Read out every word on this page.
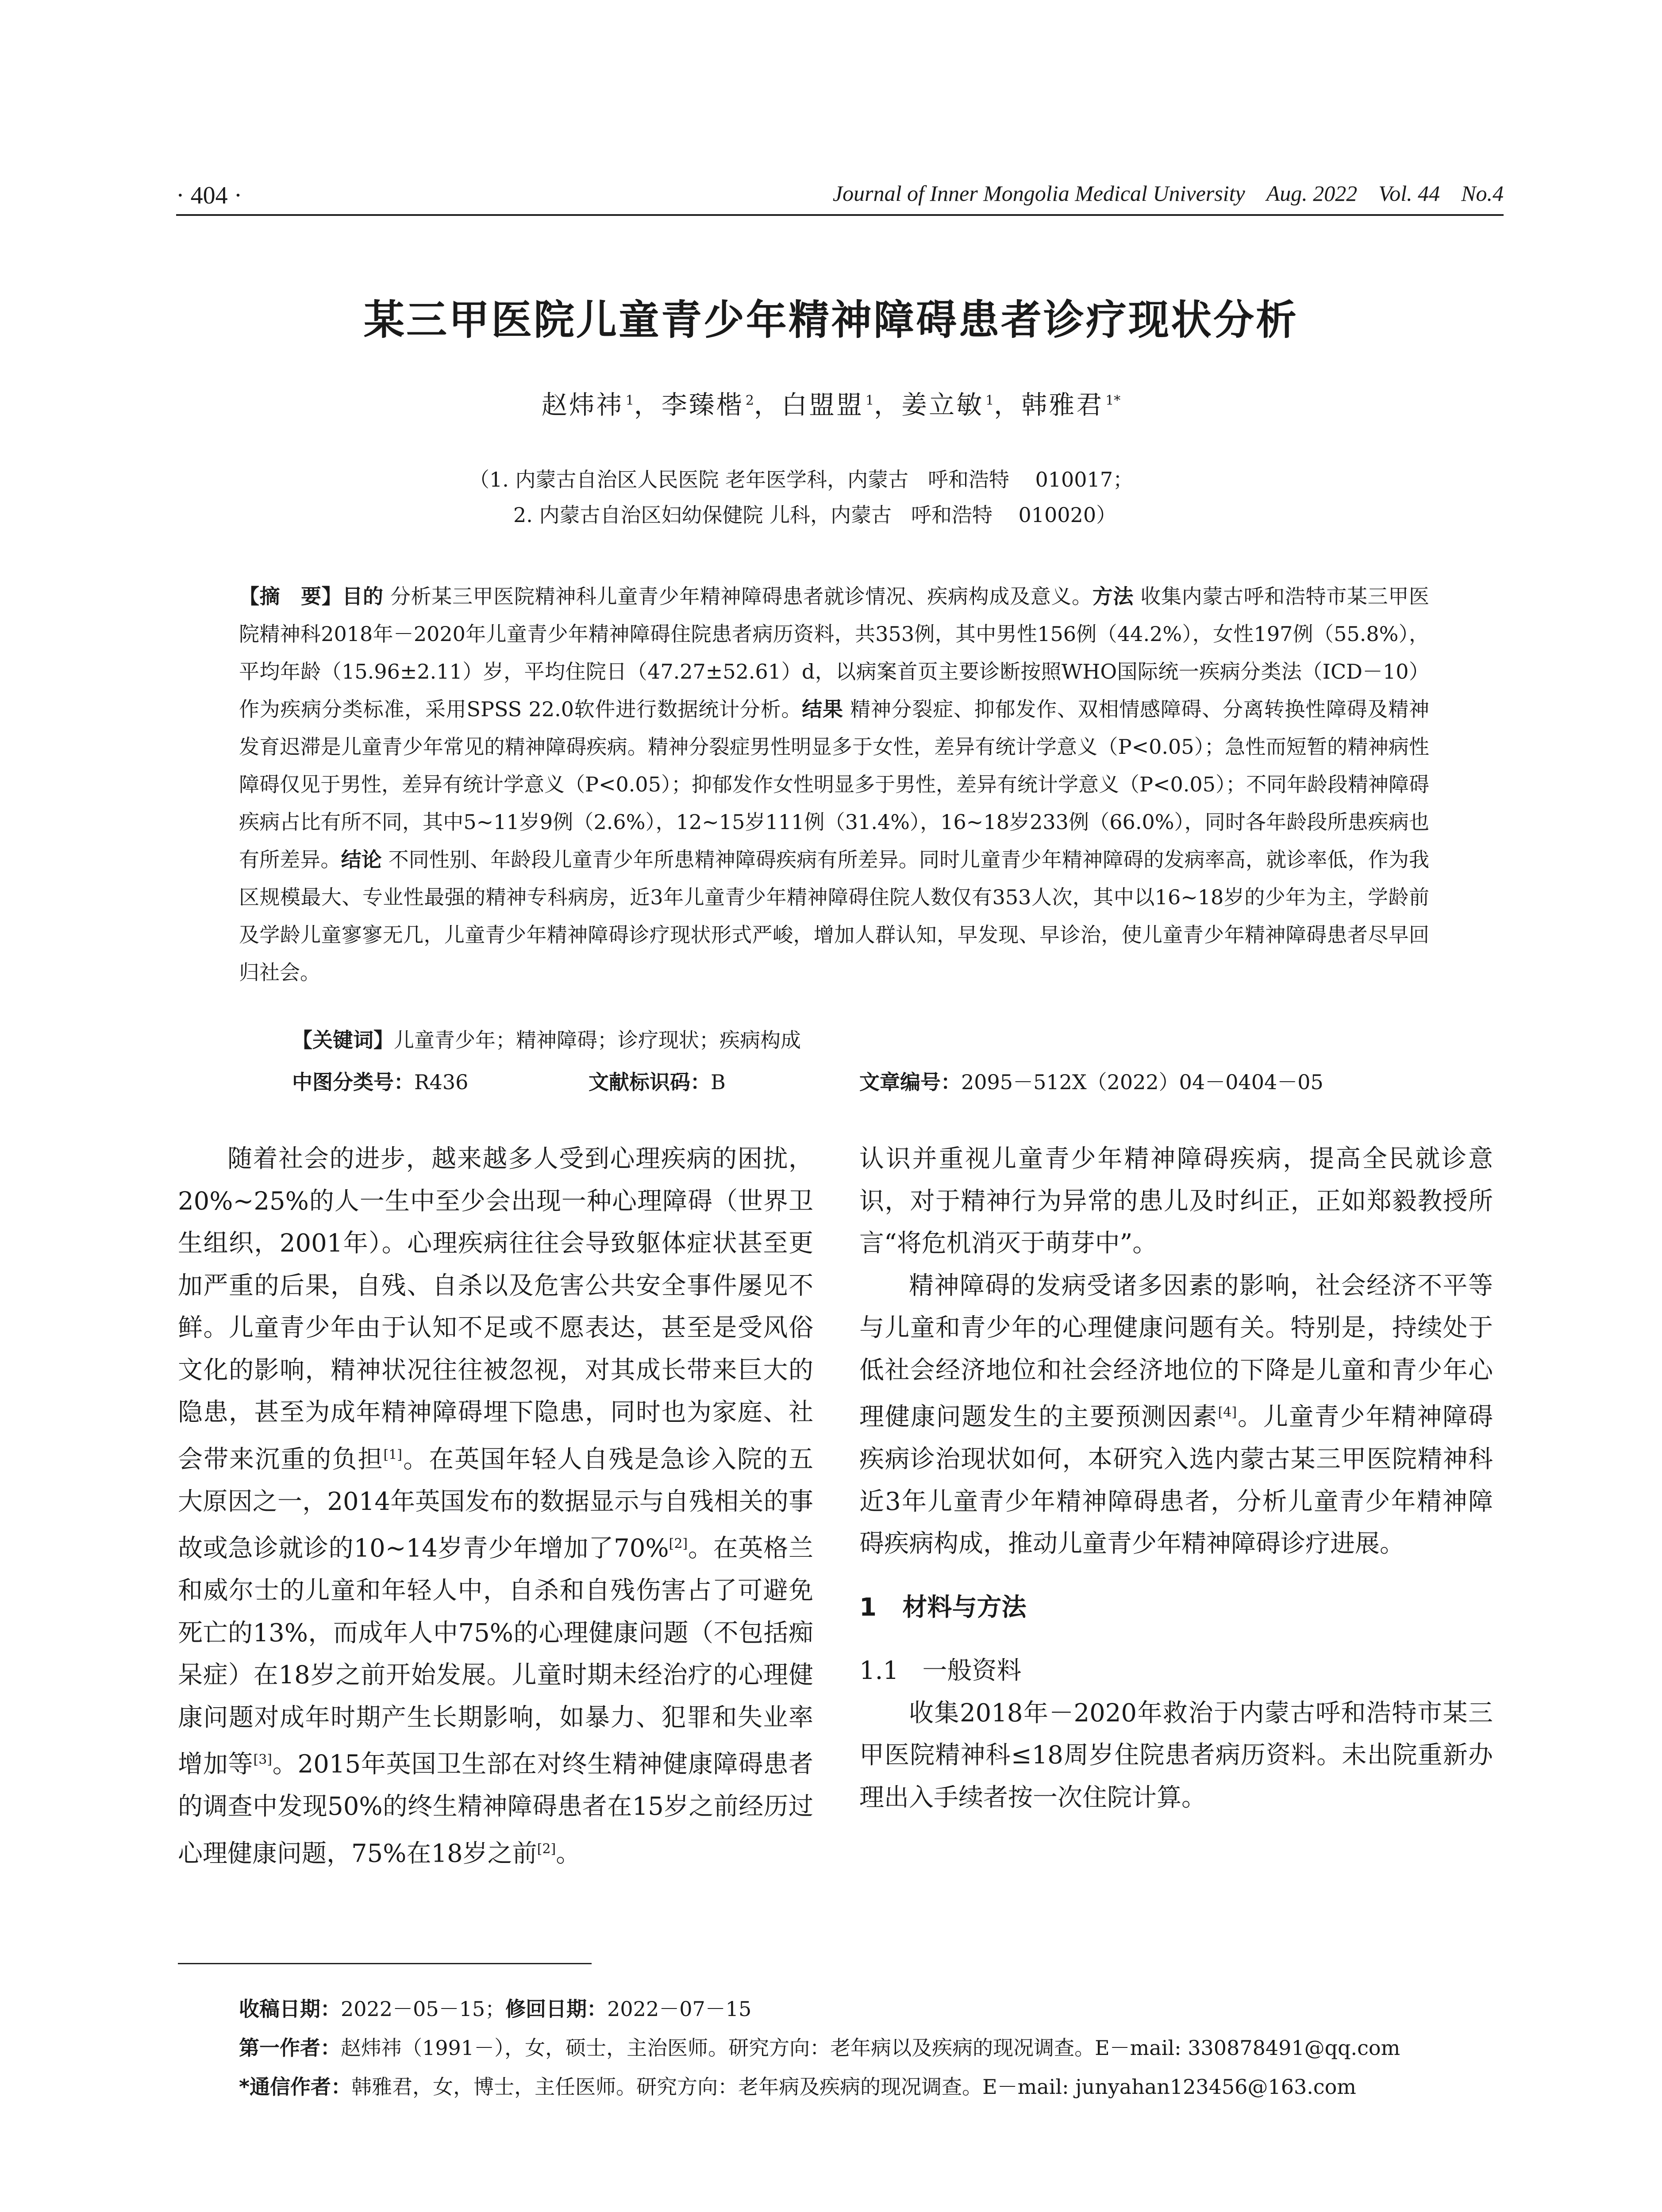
· 404 ·	Journal of Inner Mongolia Medical University Aug. 2022 Vol. 44 No.4
某三甲医院儿童青少年精神障碍患者诊疗现状分析
赵炜祎 $^1$，李臻楷 $^2$，白盟盟 $^1$，姜立敏 $^1$，韩雅君 $^{1*}$
（1. 内蒙古自治区人民医院 老年医学科，内蒙古   呼和浩特    010017；
2. 内蒙古自治区妇幼保健院 儿科，内蒙古   呼和浩特    010020）
【摘　要】目的 分析某三甲医院精神科儿童青少年精神障碍患者就诊情况、疾病构成及意义。方法 收集内蒙古呼和浩特市某三甲医院精神科2018年－2020年儿童青少年精神障碍住院患者病历资料，共353例，其中男性156例（44.2%），女性197例（55.8%），平均年龄（15.96±2.11）岁，平均住院日（47.27±52.61）d，以病案首页主要诊断按照WHO国际统一疾病分类法（ICD－10）作为疾病分类标准，采用SPSS 22.0软件进行数据统计分析。结果 精神分裂症、抑郁发作、双相情感障碍、分离转换性障碍及精神发育迟滞是儿童青少年常见的精神障碍疾病。精神分裂症男性明显多于女性，差异有统计学意义（P<0.05）；急性而短暂的精神病性障碍仅见于男性，差异有统计学意义（P<0.05）；抑郁发作女性明显多于男性，差异有统计学意义（P<0.05）；不同年龄段精神障碍疾病占比有所不同，其中5~11岁9例（2.6%），12~15岁111例（31.4%），16~18岁233例（66.0%），同时各年龄段所患疾病也有所差异。结论 不同性别、年龄段儿童青少年所患精神障碍疾病有所差异。同时儿童青少年精神障碍的发病率高，就诊率低，作为我区规模最大、专业性最强的精神专科病房，近3年儿童青少年精神障碍住院人数仅有353人次，其中以16~18岁的少年为主，学龄前及学龄儿童寥寥无几，儿童青少年精神障碍诊疗现状形式严峻，增加人群认知，早发现、早诊治，使儿童青少年精神障碍患者尽早回归社会。
【关键词】儿童青少年；精神障碍；诊疗现状；疾病构成
中图分类号：R436	文献标识码：B	文章编号：2095－512X（2022）04－0404－05

随着社会的进步，越来越多人受到心理疾病的困扰，20%~25%的人一生中至少会出现一种心理障碍（世界卫生组织，2001年）。心理疾病往往会导致躯体症状甚至更加严重的后果，自残、自杀以及危害公共安全事件屡见不鲜。儿童青少年由于认知不足或不愿表达，甚至是受风俗文化的影响，精神状况往往被忽视，对其成长带来巨大的隐患，甚至为成年精神障碍埋下隐患，同时也为家庭、社会带来沉重的负担[1]。在英国年轻人自残是急诊入院的五大原因之一，2014年英国发布的数据显示与自残相关的事故或急诊就诊的10~14岁青少年增加了70%[2]。在英格兰和威尔士的儿童和年轻人中，自杀和自残伤害占了可避免死亡的13%，而成年人中75%的心理健康问题（不包括痴呆症）在18岁之前开始发展。儿童时期未经治疗的心理健康问题对成年时期产生长期影响，如暴力、犯罪和失业率增加等[3]。2015年英国卫生部在对终生精神健康障碍患者的调查中发现50%的终生精神障碍患者在15岁之前经历过心理健康问题，75%在18岁之前[2]。

认识并重视儿童青少年精神障碍疾病，提高全民就诊意识，对于精神行为异常的患儿及时纠正，正如郑毅教授所言“将危机消灭于萌芽中”。

精神障碍的发病受诸多因素的影响，社会经济不平等与儿童和青少年的心理健康问题有关。特别是，持续处于低社会经济地位和社会经济地位的下降是儿童和青少年心理健康问题发生的主要预测因素[4]。儿童青少年精神障碍疾病诊治现状如何，本研究入选内蒙古某三甲医院精神科近3年儿童青少年精神障碍患者，分析儿童青少年精神障碍疾病构成，推动儿童青少年精神障碍诊疗进展。

1   材料与方法

1.1   一般资料

收集2018年－2020年救治于内蒙古呼和浩特市某三甲医院精神科≤18周岁住院患者病历资料。未出院重新办理出入手续者按一次住院计算。

收稿日期：2022－05－15；修回日期：2022－07－15
第一作者：赵炜祎（1991－），女，硕士，主治医师。研究方向：老年病以及疾病的现况调查。E－mail: 330878491@qq.com
*通信作者：韩雅君，女，博士，主任医师。研究方向：老年病及疾病的现况调查。E－mail: junyahan123456@163.com
